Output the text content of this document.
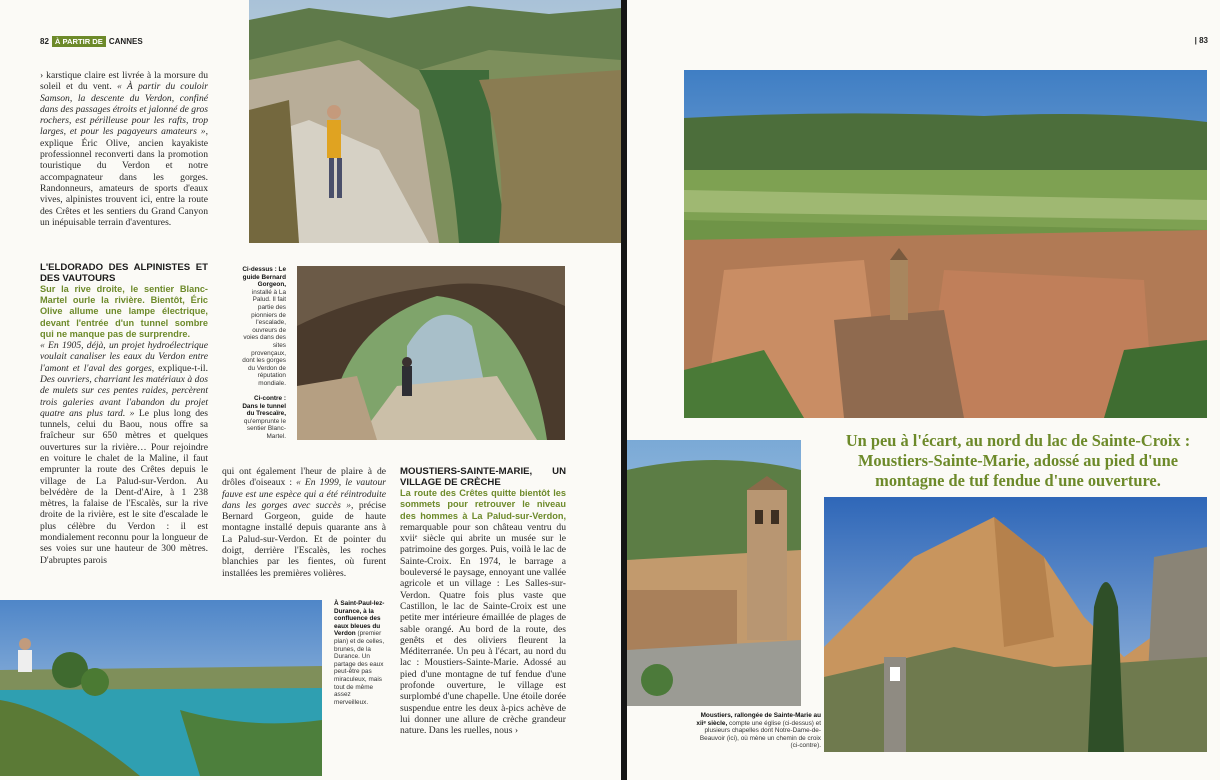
82 À PARTIR DE CANNES

› karstique claire est livrée à la morsure du soleil et du vent. « À partir du couloir Samson, la descente du Verdon, confiné dans des passages étroits et jalonné de gros rochers, est périlleuse pour les rafts, trop larges, et pour les pagayeurs amateurs », explique Éric Olive, ancien kayakiste professionnel reconverti dans la promotion touristique du Verdon et notre accompagnateur dans les gorges. Randonneurs, amateurs de sports d'eaux vives, alpinistes trouvent ici, entre la route des Crêtes et les sentiers du Grand Canyon un inépuisable terrain d'aventures.

L'ELDORADO DES ALPINISTES ET DES VAUTOURS

Sur la rive droite, le sentier Blanc-Martel ourle la rivière. Bientôt, Éric Olive allume une lampe électrique, devant l'entrée d'un tunnel sombre qui ne manque pas de surprendre.

« En 1905, déjà, un projet hydroélectrique voulait canaliser les eaux du Verdon entre l'amont et l'aval des gorges, explique-t-il. Des ouvriers, charriant les matériaux à dos de mulets sur ces pentes raides, percèrent trois galeries avant l'abandon du projet quatre ans plus tard. » Le plus long des tunnels, celui du Baou, nous offre sa fraîcheur sur 650 mètres et quelques ouvertures sur la rivière… Pour rejoindre en voiture le chalet de la Maline, il faut emprunter la route des Crêtes depuis le village de La Palud-sur-Verdon. Au belvédère de la Dent-d'Aire, à 1 238 mètres, la falaise de l'Escalès, sur la rive droite de la rivière, est le site d'escalade le plus célèbre du Verdon : il est mondialement reconnu pour la longueur de ses voies sur une hauteur de 300 mètres. D'abruptes parois

Ci-dessus : Le guide Bernard Gorgeon, installé à La Palud. Il fait partie des pionniers de l'escalade, ouvreurs de voies dans des sites provençaux, dont les gorges du Verdon de réputation mondiale.

Ci-contre : Dans le tunnel du Trescaïre, qu'emprunte le sentier Blanc-Martel.

qui ont également l'heur de plaire à de drôles d'oiseaux : « En 1999, le vautour fauve est une espèce qui a été réintroduite dans les gorges avec succès », précise Bernard Gorgeon, guide de haute montagne installé depuis quarante ans à La Palud-sur-Verdon. Et de pointer du doigt, derrière l'Escalès, les roches blanchies par les fientes, où furent installées les premières volières.

MOUSTIERS-SAINTE-MARIE, UN VILLAGE DE CRÈCHE

La route des Crêtes quitte bientôt les sommets pour retrouver le niveau des hommes à La Palud-sur-Verdon, remarquable pour son château ventru du xviiᵉ siècle qui abrite un musée sur le patrimoine des gorges. Puis, voilà le lac de Sainte-Croix. En 1974, le barrage a bouleversé le paysage, ennoyant une vallée agricole et un village : Les Salles-sur-Verdon. Quatre fois plus vaste que Castillon, le lac de Sainte-Croix est une petite mer intérieure émaillée de plages de sable orangé. Au bord de la route, des genêts et des oliviers fleurent la Méditerranée. Un peu à l'écart, au nord du lac : Moustiers-Sainte-Marie. Adossé au pied d'une montagne de tuf fendue d'une profonde ouverture, le village est surplombé d'une chapelle. Une étoile dorée suspendue entre les deux à-pics achève de lui donner une allure de crèche grandeur nature. Dans les ruelles, nous ›

À Saint-Paul-lez-Durance, à la confluence des eaux bleues du Verdon (premier plan) et de celles, brunes, de la Durance. Un partage des eaux peut-être pas miraculeux, mais tout de même assez merveilleux.
| 83
Un peu à l'écart, au nord du lac de Sainte-Croix : Moustiers-Sainte-Marie, adossé au pied d'une montagne de tuf fendue d'une ouverture.
Moustiers, rallongée de Sainte-Marie au xiiᵉ siècle, compte une église (ci-dessus) et plusieurs chapelles dont Notre-Dame-de-Beauvoir (ici), où mène un chemin de croix (ci-contre).
